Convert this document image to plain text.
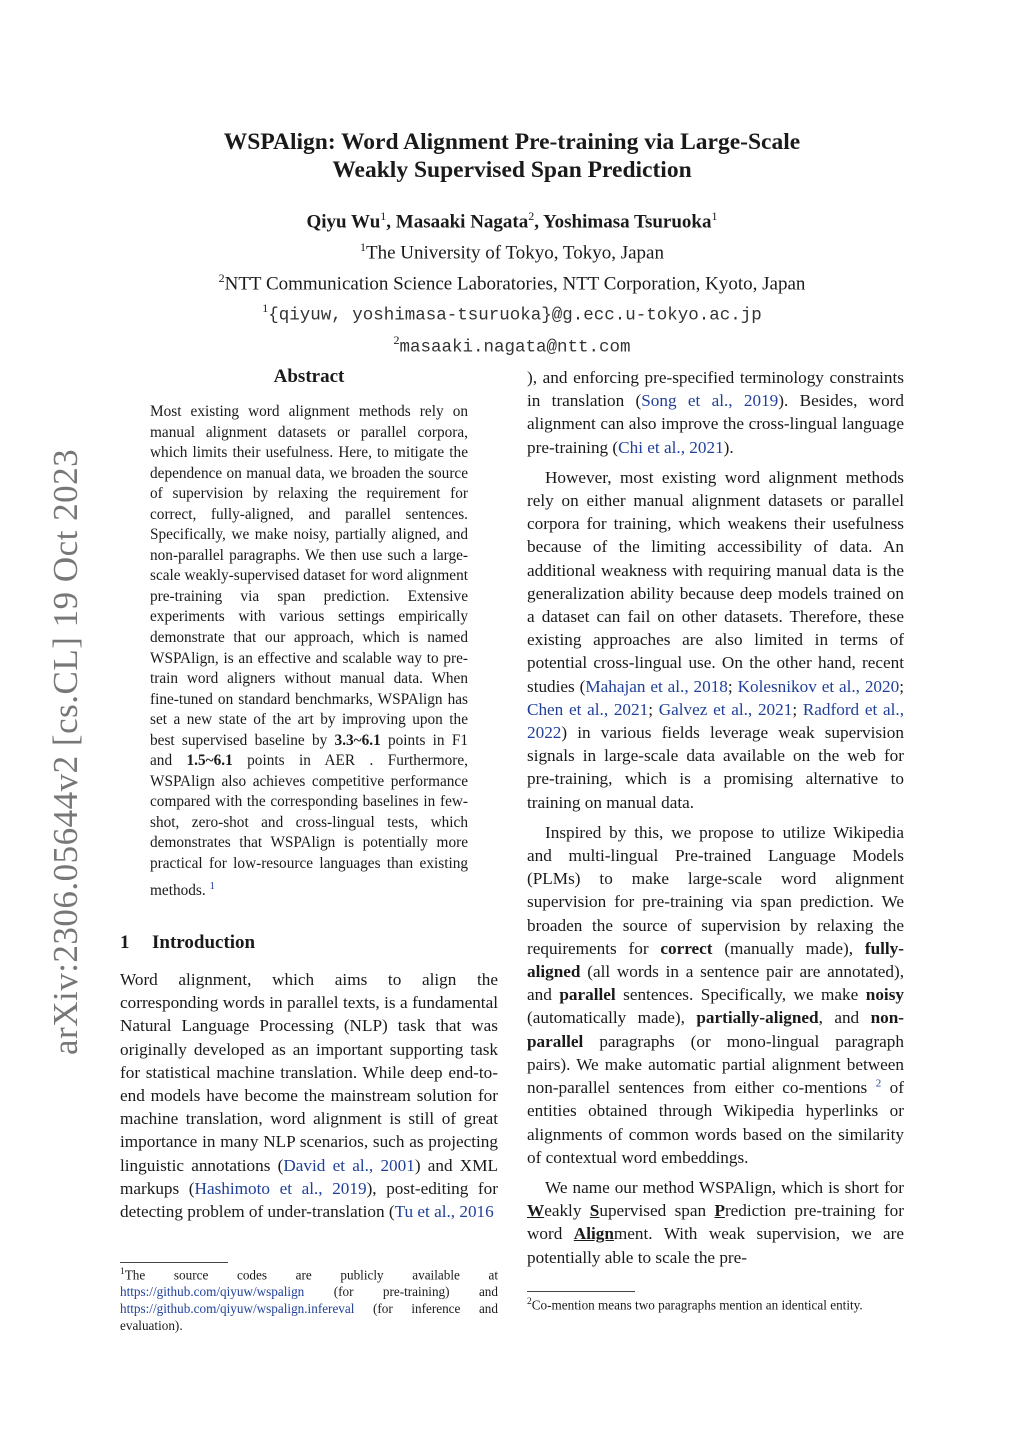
arXiv:2306.05644v2 [cs.CL] 19 Oct 2023
WSPAlign: Word Alignment Pre-training via Large-Scale
Weakly Supervised Span Prediction
Qiyu Wu$^1$, Masaaki Nagata$^2$, Yoshimasa Tsuruoka$^1$
$^1$The University of Tokyo, Tokyo, Japan
$^2$NTT Communication Science Laboratories, NTT Corporation, Kyoto, Japan
$^1${qiyuw, yoshimasa-tsuruoka}@g.ecc.u-tokyo.ac.jp
$^2$masaaki.nagata@ntt.com
Abstract
Most existing word alignment methods rely on manual alignment datasets or parallel corpora, which limits their usefulness. Here, to mitigate the dependence on manual data, we broaden the source of supervision by relaxing the requirement for correct, fully-aligned, and parallel sentences. Specifically, we make noisy, partially aligned, and non-parallel paragraphs. We then use such a large-scale weakly-supervised dataset for word alignment pre-training via span prediction. Extensive experiments with various settings empirically demonstrate that our approach, which is named WSPAlign, is an effective and scalable way to pre-train word aligners without manual data. When fine-tuned on standard benchmarks, WSPAlign has set a new state of the art by improving upon the best supervised baseline by 3.3~6.1 points in F1 and 1.5~6.1 points in AER . Furthermore, WSPAlign also achieves competitive performance compared with the corresponding baselines in few-shot, zero-shot and cross-lingual tests, which demonstrates that WSPAlign is potentially more practical for low-resource languages than existing methods. $^1$
1 Introduction

Word alignment, which aims to align the corresponding words in parallel texts, is a fundamental Natural Language Processing (NLP) task that was originally developed as an important supporting task for statistical machine translation. While deep end-to-end models have become the mainstream solution for machine translation, word alignment is still of great importance in many NLP scenarios, such as projecting linguistic annotations (David et al., 2001) and XML markups (Hashimoto et al., 2019), post-editing for detecting problem of under-translation (Tu et al., 2016

$^1$The source codes are publicly available at https://github.com/qiyuw/wspalign (for pre-training) and https://github.com/qiyuw/wspalign.infereval (for inference and evaluation).

), and enforcing pre-specified terminology constraints in translation (Song et al., 2019). Besides, word alignment can also improve the cross-lingual language pre-training (Chi et al., 2021).

However, most existing word alignment methods rely on either manual alignment datasets or parallel corpora for training, which weakens their usefulness because of the limiting accessibility of data. An additional weakness with requiring manual data is the generalization ability because deep models trained on a dataset can fail on other datasets. Therefore, these existing approaches are also limited in terms of potential cross-lingual use. On the other hand, recent studies (Mahajan et al., 2018; Kolesnikov et al., 2020; Chen et al., 2021; Galvez et al., 2021; Radford et al., 2022) in various fields leverage weak supervision signals in large-scale data available on the web for pre-training, which is a promising alternative to training on manual data.

Inspired by this, we propose to utilize Wikipedia and multi-lingual Pre-trained Language Models (PLMs) to make large-scale word alignment supervision for pre-training via span prediction. We broaden the source of supervision by relaxing the requirements for correct (manually made), fully-aligned (all words in a sentence pair are annotated), and parallel sentences. Specifically, we make noisy (automatically made), partially-aligned, and non-parallel paragraphs (or mono-lingual paragraph pairs). We make automatic partial alignment between non-parallel sentences from either co-mentions $^2$ of entities obtained through Wikipedia hyperlinks or alignments of common words based on the similarity of contextual word embeddings.

We name our method WSPAlign, which is short for Weakly Supervised span Prediction pre-training for word Alignment. With weak supervision, we are potentially able to scale the pre-

$^2$Co-mention means two paragraphs mention an identical entity.
